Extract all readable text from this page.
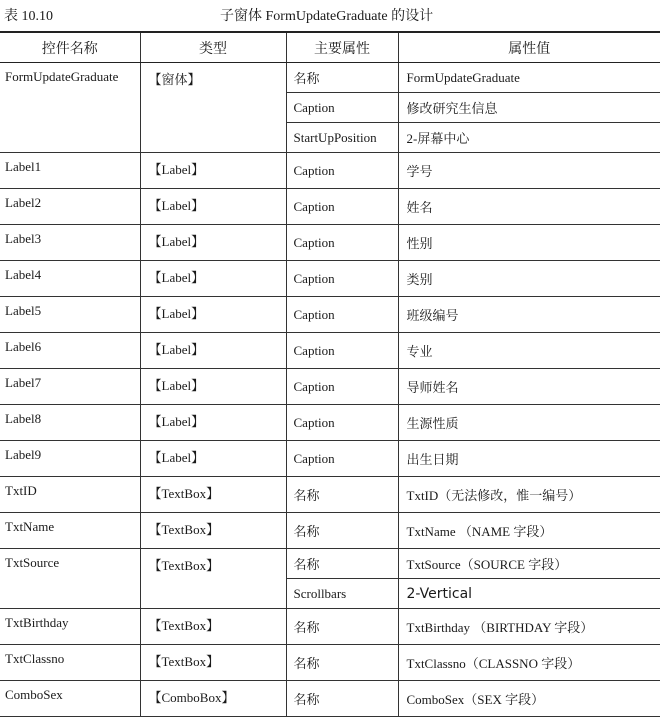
表 10.10	子窗体 FormUpdateGraduate 的设计
控件名称	类型	主要属性	属性值
FormUpdateGraduate	【窗体】	名称	FormUpdateGraduate
		Caption	修改研究生信息
		StartUpPosition	2-屏幕中心
Label1	【Label】	Caption	学号
Label2	【Label】	Caption	姓名
Label3	【Label】	Caption	性别
Label4	【Label】	Caption	类别
Label5	【Label】	Caption	班级编号
Label6	【Label】	Caption	专业
Label7	【Label】	Caption	导师姓名
Label8	【Label】	Caption	生源性质
Label9	【Label】	Caption	出生日期
TxtID	【TextBox】	名称	TxtID（无法修改，惟一编号）
TxtName	【TextBox】	名称	TxtName （NAME 字段）
TxtSource	【TextBox】	名称	TxtSource（SOURCE 字段）
		Scrollbars	2-Vertical
TxtBirthday	【TextBox】	名称	TxtBirthday （BIRTHDAY 字段）
TxtClassno	【TextBox】	名称	TxtClassno（CLASSNO 字段）
ComboSex	【ComboBox】	名称	ComboSex（SEX 字段）
